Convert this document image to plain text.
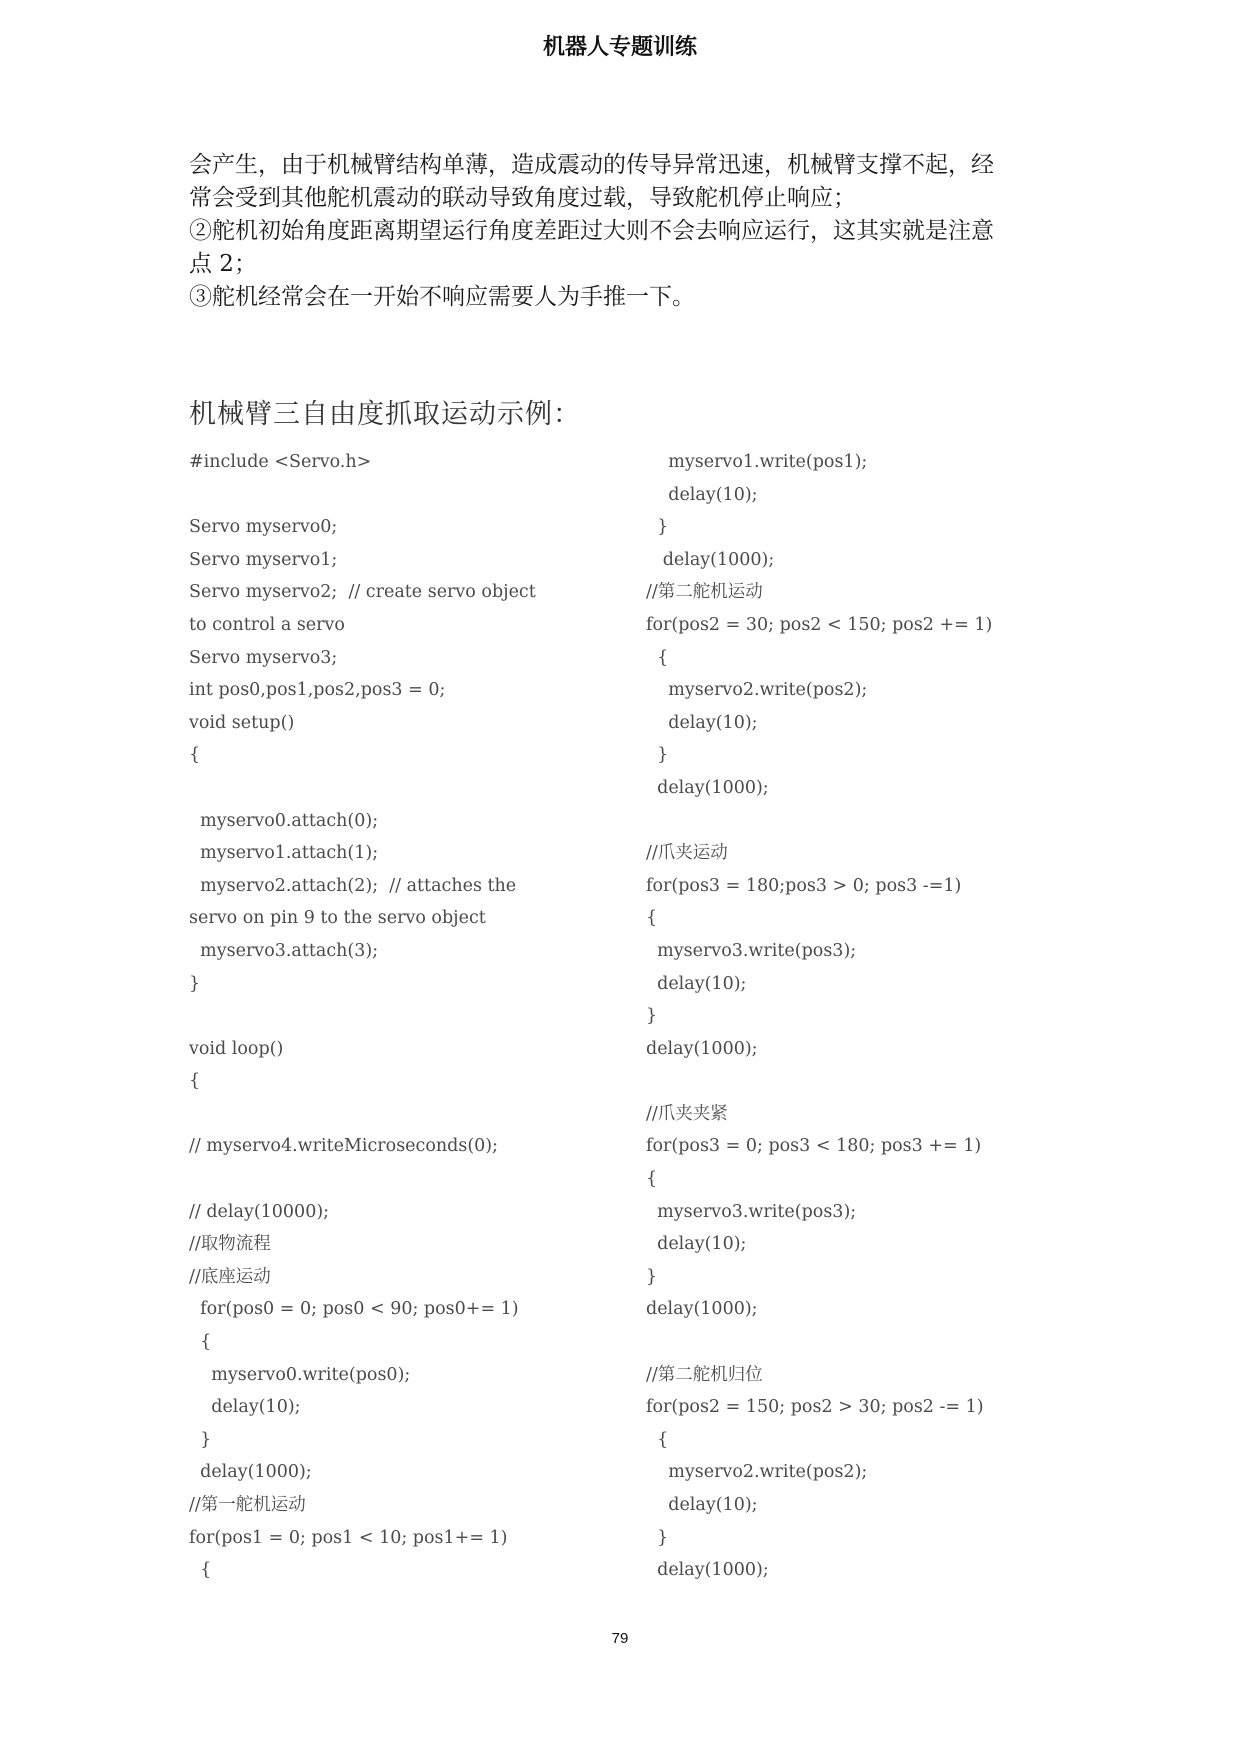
机器人专题训练

会产生，由于机械臂结构单薄，造成震动的传导异常迅速，机械臂支撑不起，经

常会受到其他舵机震动的联动导致角度过载，导致舵机停止响应；

②舵机初始角度距离期望运行角度差距过大则不会去响应运行，这其实就是注意

点 2；

③舵机经常会在一开始不响应需要人为手推一下。

机械臂三自由度抓取运动示例：
#include <Servo.h>
Servo myservo0;
Servo myservo1;
Servo myservo2;  // create servo object
to control a servo
Servo myservo3;
int pos0,pos1,pos2,pos3 = 0;
void setup()
{
myservo0.attach(0);
myservo1.attach(1);
myservo2.attach(2);  // attaches the
servo on pin 9 to the servo object
myservo3.attach(3);
}
void loop()
{
// myservo4.writeMicroseconds(0);
// delay(10000);
//取物流程
//底座运动
for(pos0 = 0; pos0 < 90; pos0+= 1)
{
myservo0.write(pos0);
delay(10);
}
delay(1000);
//第一舵机运动
for(pos1 = 0; pos1 < 10; pos1+= 1)
{
myservo1.write(pos1);
delay(10);
}
delay(1000);
//第二舵机运动
for(pos2 = 30; pos2 < 150; pos2 += 1)
{
myservo2.write(pos2);
delay(10);
}
delay(1000);
//爪夹运动
for(pos3 = 180;pos3 > 0; pos3 -=1)
{
myservo3.write(pos3);
delay(10);
}
delay(1000);
//爪夹夹紧
for(pos3 = 0; pos3 < 180; pos3 += 1)
{
myservo3.write(pos3);
delay(10);
}
delay(1000);
//第二舵机归位
for(pos2 = 150; pos2 > 30; pos2 -= 1)
{
myservo2.write(pos2);
delay(10);
}
delay(1000);
79
